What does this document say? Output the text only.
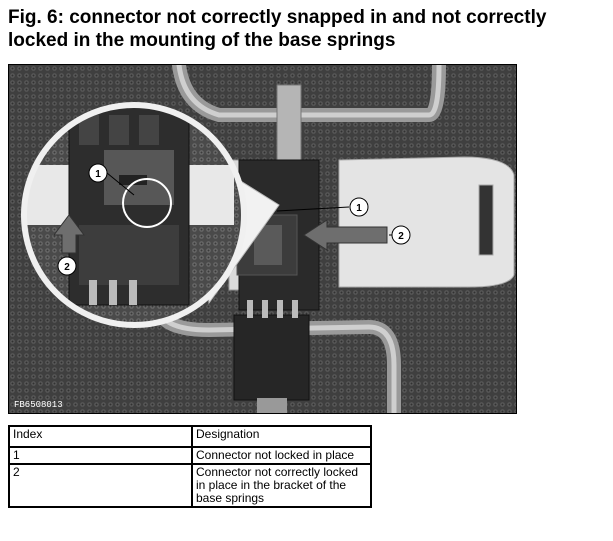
Fig. 6: connector not correctly snapped in and not correctly locked in the mounting of the base springs
1
2
1
2
FB6508013
Index	Designation
1	Connector not locked in place
2	Connector not correctly locked in place in the bracket of the base springs
